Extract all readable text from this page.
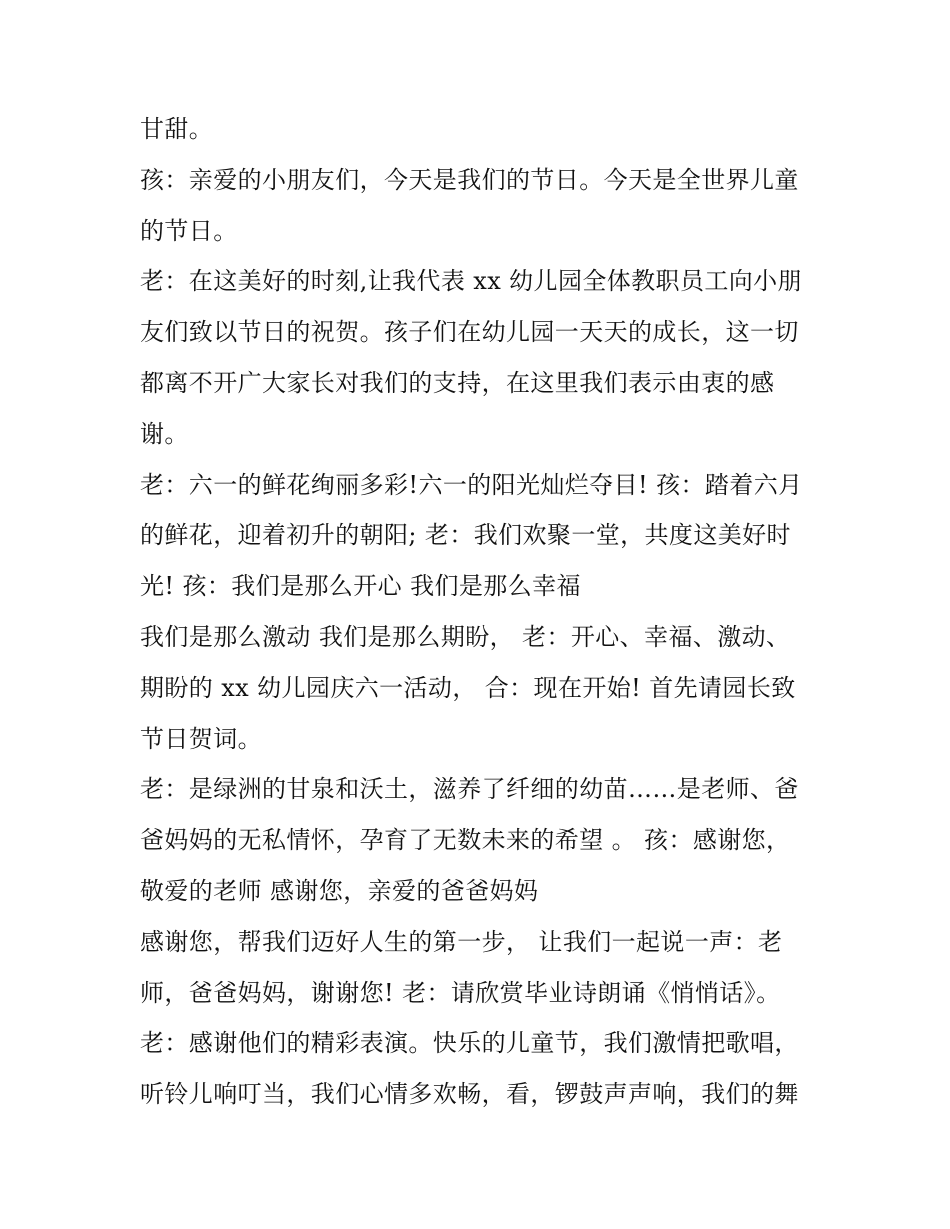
甘甜。
孩：亲爱的小朋友们，今天是我们的节日。今天是全世界儿童
的节日。
老：在这美好的时刻,让我代表 xx 幼儿园全体教职员工向小朋
友们致以节日的祝贺。孩子们在幼儿园一天天的成长，这一切
都离不开广大家长对我们的支持，在这里我们表示由衷的感
谢。
老：六一的鲜花绚丽多彩!六一的阳光灿烂夺目! 孩：踏着六月
的鲜花，迎着初升的朝阳; 老：我们欢聚一堂，共度这美好时
光! 孩：我们是那么开心 我们是那么幸福
我们是那么激动 我们是那么期盼， 老：开心、幸福、激动、
期盼的 xx 幼儿园庆六一活动， 合：现在开始! 首先请园长致
节日贺词。
老：是绿洲的甘泉和沃土，滋养了纤细的幼苗……是老师、爸
爸妈妈的无私情怀，孕育了无数未来的希望 。 孩：感谢您，
敬爱的老师 感谢您，亲爱的爸爸妈妈
感谢您，帮我们迈好人生的第一步， 让我们一起说一声：老
师，爸爸妈妈，谢谢您! 老：请欣赏毕业诗朗诵《悄悄话》。
老：感谢他们的精彩表演。快乐的儿童节，我们激情把歌唱，
听铃儿响叮当，我们心情多欢畅，看，锣鼓声声响，我们的舞
